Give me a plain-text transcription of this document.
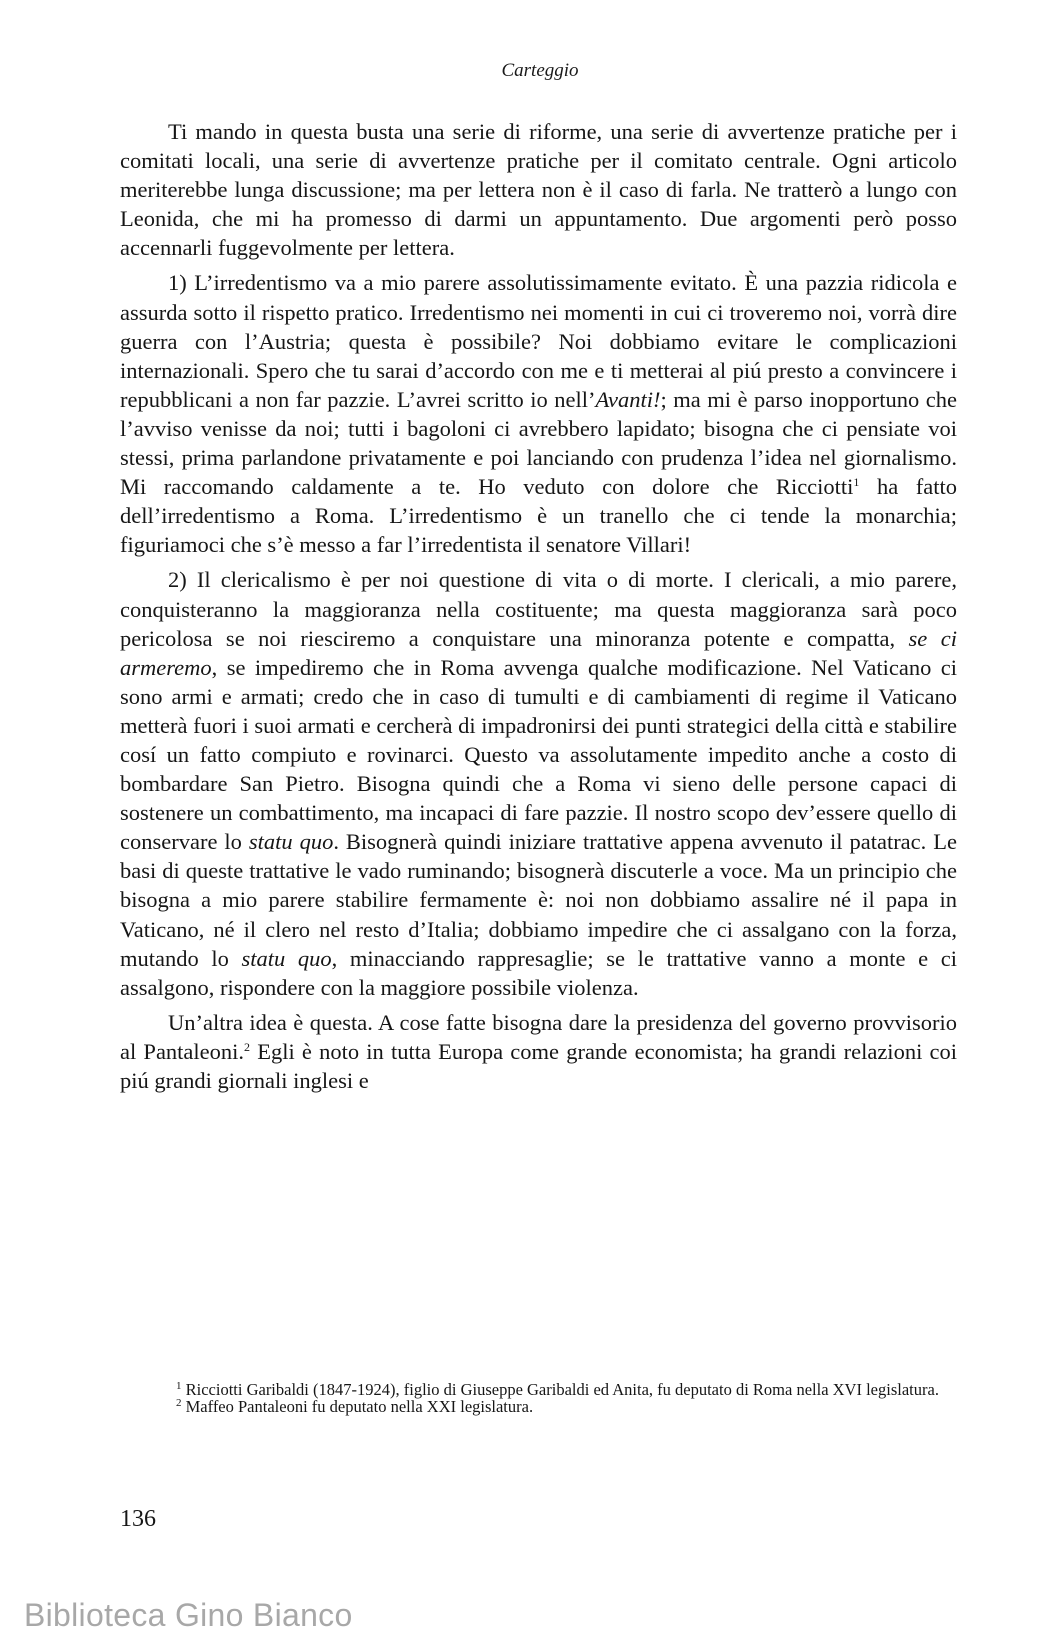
Carteggio

Ti mando in questa busta una serie di riforme, una serie di avvertenze pratiche per i comitati locali, una serie di avvertenze pratiche per il comitato centrale. Ogni articolo meriterebbe lunga discussione; ma per lettera non è il caso di farla. Ne tratterò a lungo con Leonida, che mi ha promesso di darmi un appuntamento. Due argomenti però posso accennarli fuggevolmente per lettera.

1) L’irredentismo va a mio parere assolutissimamente evitato. È una pazzia ridicola e assurda sotto il rispetto pratico. Irredentismo nei momenti in cui ci troveremo noi, vorrà dire guerra con l’Austria; questa è possibile? Noi dobbiamo evitare le complicazioni internazionali. Spero che tu sarai d’accordo con me e ti metterai al piú presto a convincere i repubblicani a non far pazzie. L’avrei scritto io nell’Avanti!; ma mi è parso inopportuno che l’avviso venisse da noi; tutti i bagoloni ci avrebbero lapidato; bisogna che ci pensiate voi stessi, prima parlandone privatamente e poi lanciando con prudenza l’idea nel giornalismo. Mi raccomando caldamente a te. Ho veduto con dolore che Ricciotti$^1$ ha fatto dell’irredentismo a Roma. L’irredentismo è un tranello che ci tende la monarchia; figuriamoci che s’è messo a far l’irredentista il senatore Villari!

2) Il clericalismo è per noi questione di vita o di morte. I clericali, a mio parere, conquisteranno la maggioranza nella costituente; ma questa maggioranza sarà poco pericolosa se noi riesciremo a conquistare una minoranza potente e compatta, se ci armeremo, se impediremo che in Roma avvenga qualche modificazione. Nel Vaticano ci sono armi e armati; credo che in caso di tumulti e di cambiamenti di regime il Vaticano metterà fuori i suoi armati e cercherà di impadronirsi dei punti strategici della città e stabilire cosí un fatto compiuto e rovinarci. Questo va assolutamente impedito anche a costo di bombardare San Pietro. Bisogna quindi che a Roma vi sieno delle persone capaci di sostenere un combattimento, ma incapaci di fare pazzie. Il nostro scopo dev’essere quello di conservare lo statu quo. Bisognerà quindi iniziare trattative appena avvenuto il patatrac. Le basi di queste trattative le vado ruminando; bisognerà discuterle a voce. Ma un principio che bisogna a mio parere stabilire fermamente è: noi non dobbiamo assalire né il papa in Vaticano, né il clero nel resto d’Italia; dobbiamo impedire che ci assalgano con la forza, mutando lo statu quo, minacciando rappresaglie; se le trattative vanno a monte e ci assalgono, rispondere con la maggiore possibile violenza.

Un’altra idea è questa. A cose fatte bisogna dare la presidenza del governo provvisorio al Pantaleoni.$^2$ Egli è noto in tutta Europa come grande economista; ha grandi relazioni coi piú grandi giornali inglesi e

$^1$ Ricciotti Garibaldi (1847-1924), figlio di Giuseppe Garibaldi ed Anita, fu deputato di Roma nella XVI legislatura.

$^2$ Maffeo Pantaleoni fu deputato nella XXI legislatura.

136
Biblioteca Gino Bianco
